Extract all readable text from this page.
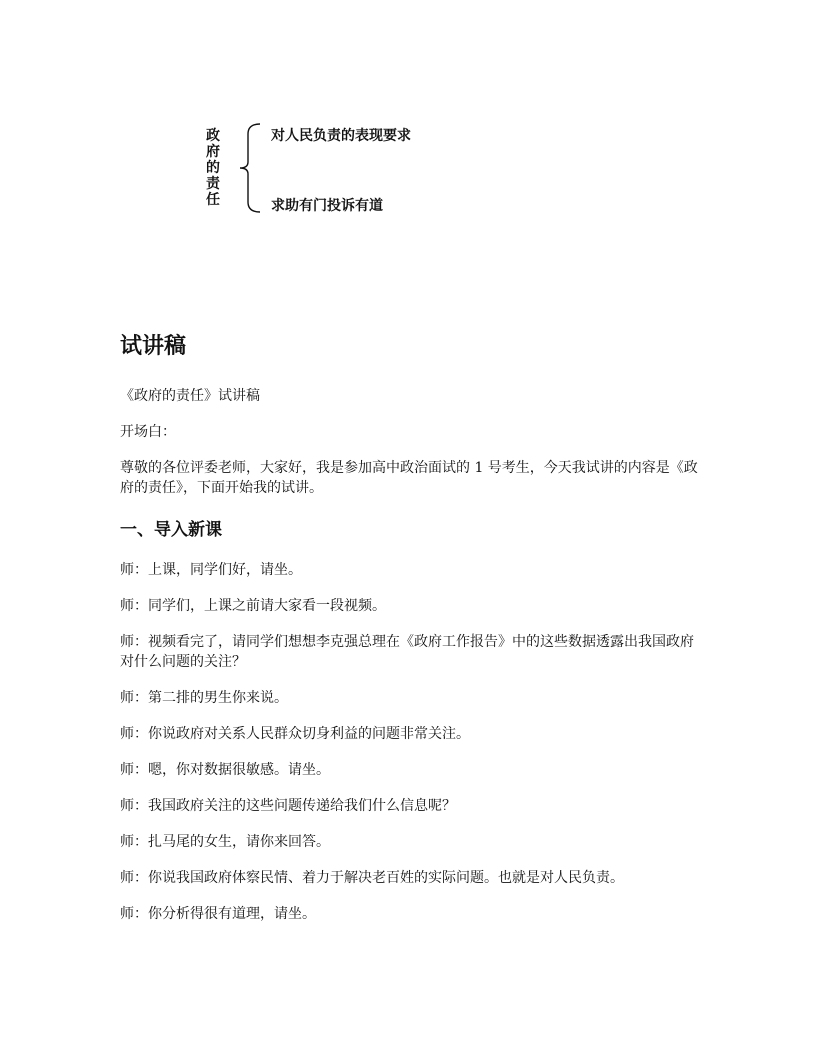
政
府
的
责
任
对人民负责的表现要求
求助有门投诉有道
试讲稿

《政府的责任》试讲稿

开场白：

尊敬的各位评委老师，大家好，我是参加高中政治面试的 1 号考生，今天我试讲的内容是《政府的责任》，下面开始我的试讲。

一、导入新课

师：上课，同学们好，请坐。

师：同学们，上课之前请大家看一段视频。

师：视频看完了，请同学们想想李克强总理在《政府工作报告》中的这些数据透露出我国政府对什么问题的关注？

师：第二排的男生你来说。

师：你说政府对关系人民群众切身利益的问题非常关注。

师：嗯，你对数据很敏感。请坐。

师：我国政府关注的这些问题传递给我们什么信息呢？

师：扎马尾的女生，请你来回答。

师：你说我国政府体察民情、着力于解决老百姓的实际问题。也就是对人民负责。

师：你分析得很有道理，请坐。
